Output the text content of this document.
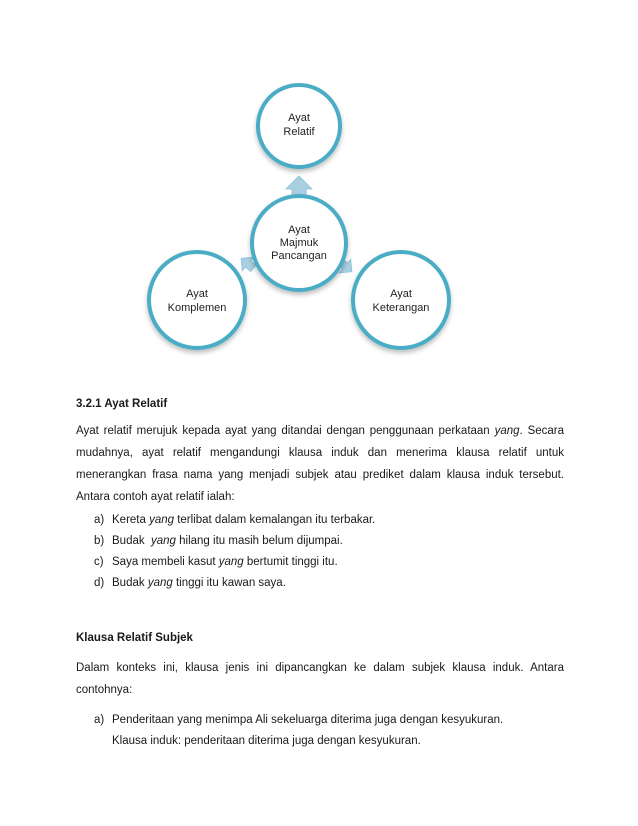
Ayat
Relatif
Ayat
Majmuk
Pancangan
Ayat
Komplemen
Ayat
Keterangan
3.2.1 Ayat Relatif
Ayat relatif merujuk kepada ayat yang ditandai dengan penggunaan perkataan yang. Secara mudahnya, ayat relatif mengandungi klausa induk dan menerima klausa relatif untuk menerangkan frasa nama yang menjadi subjek atau prediket dalam klausa induk tersebut. Antara contoh ayat relatif ialah:
a) Kereta yang terlibat dalam kemalangan itu terbakar.
b) Budak  yang hilang itu masih belum dijumpai.
c) Saya membeli kasut yang bertumit tinggi itu.
d) Budak yang tinggi itu kawan saya.
Klausa Relatif Subjek
Dalam konteks ini, klausa jenis ini dipancangkan ke dalam subjek klausa induk. Antara contohnya:
a) Penderitaan yang menimpa Ali sekeluarga diterima juga dengan kesyukuran.
Klausa induk: penderitaan diterima juga dengan kesyukuran.
